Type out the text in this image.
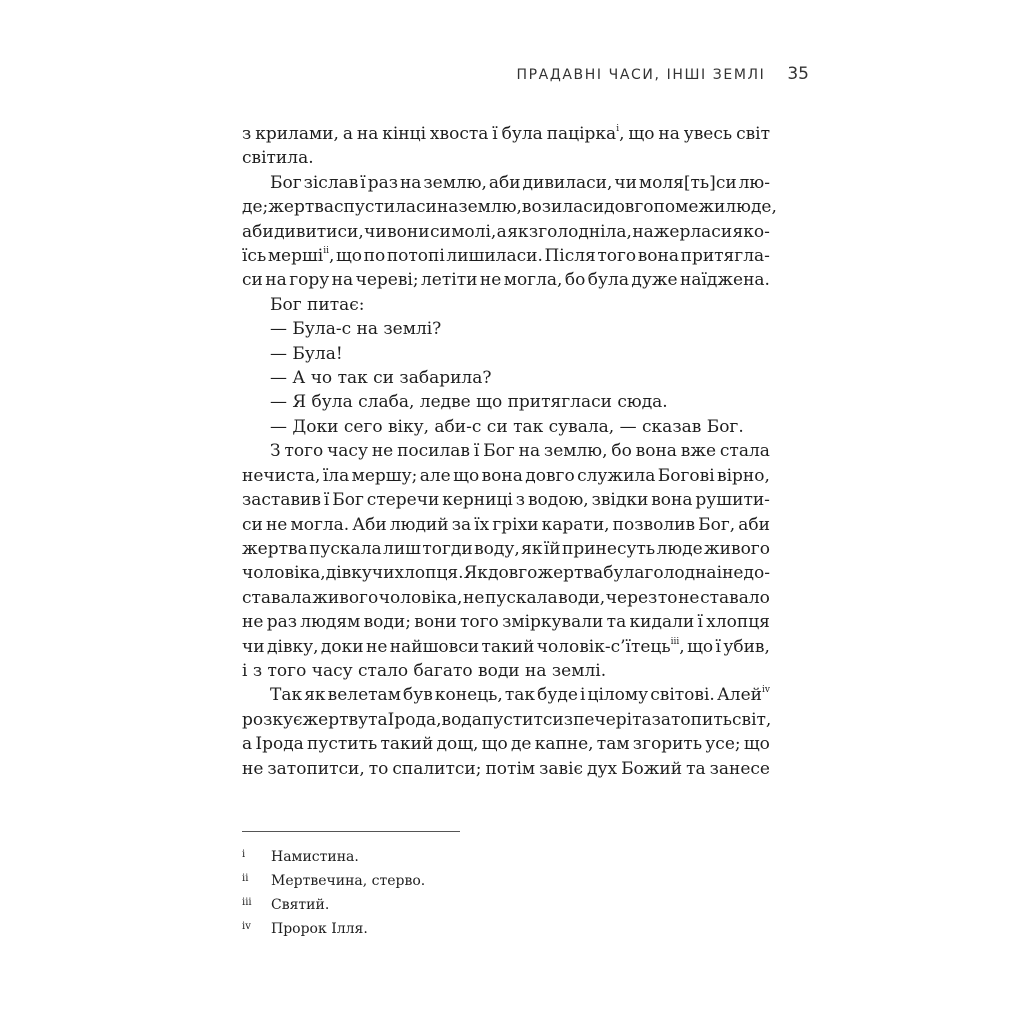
ПРАДАВНІ ЧАСИ, ІНШІ ЗЕМЛІ 35
з крилами, а на кінці хвоста ї була пацірка$^i$, що на увесь світ
світила.
Бог зіслав ї раз на землю, аби дивиласи, чи моля[ть]си лю-
де; жертва спустиласи на землю, возиласи довго помежи люде,
аби дивитиси, чи вони си молі, а як зголодніла, нажерласи яко-
їсь мерші$^{ii}$, що по потопі лишиласи. Після того вона притягла-
си на гору на череві; летіти не могла, бо була дуже наїджена.
Бог питає:
— Була-с на землі?
— Була!
— А чо так си забарила?
— Я була слаба, ледве що притягласи сюда.
— Доки сего віку, аби-с си так сувала, — сказав Бог.
З того часу не посилав ї Бог на землю, бо вона вже стала
нечиста, їла мершу; але що вона довго служила Богові вірно,
заставив ї Бог стеречи керниці з водою, звідки вона рушити-
си не могла. Аби людий за їх гріхи карати, позволив Бог, аби
жертва пускала лиш тогди воду, як їй принесуть люде живого
чоловіка, дівку чи хлопця. Як довго жертва була голодна і не до-
ставала живого чоловіка, не пускала води, через то не ставало
не раз людям води; вони того зміркували та кидали ї хлопця
чи дівку, доки не найшовси такий чоловік-с’їтець$^{iii}$, що ї убив,
і з того часу стало багато води на землі.
Так як велетам був конець, так буде і цілому світові. Алей$^{iv}$
розкує жертву та Ірода, вода пуститси з печері та затопить світ,
а Ірода пустить такий дощ, що де капне, там згорить усе; що
не затопитси, то спалитси; потім завіє дух Божий та занесе
i	Намистина.
ii	Мертвечина, стерво.
iii	Святий.
iv	Пророк Ілля.
